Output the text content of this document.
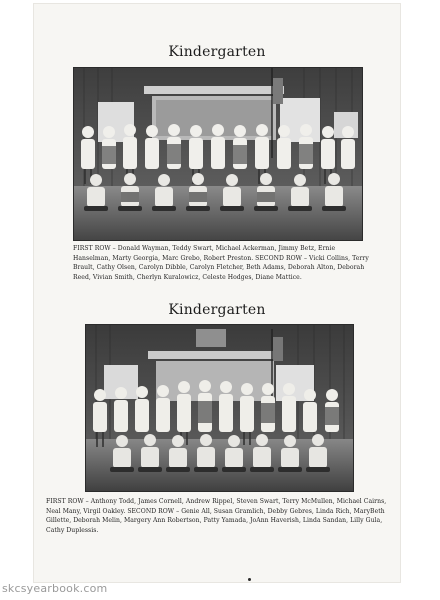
Kindergarten
FIRST ROW – Donald Wayman, Teddy Swart, Michael Ackerman, Jimmy Betz, Ernie Hanselman, Marty Georgia, Marc Grebo, Robert Preston. SECOND ROW – Vicki Collins, Terry Brault, Cathy Olsen, Carolyn Dibble, Carolyn Fletcher, Beth Adams, Deborah Alton, Deborah Reed, Vivian Smith, Cherlyn Kuralowicz, Celeste Hodges, Diane Mattice.
Kindergarten
FIRST ROW – Anthony Todd, James Cornell, Andrew Rippel, Steven Swart, Terry McMullen, Michael Cairns, Neal Many, Virgil Oakley. SECOND ROW – Genie All, Susan Gramlich, Debby Gebres, Linda Rich, MaryBeth Gillette, Deborah Melin, Margery Ann Robertson, Patty Yamada, JoAnn Haverish, Linda Sandan, Lilly Gula, Cathy Duplessis.
skcsyearbook.com
